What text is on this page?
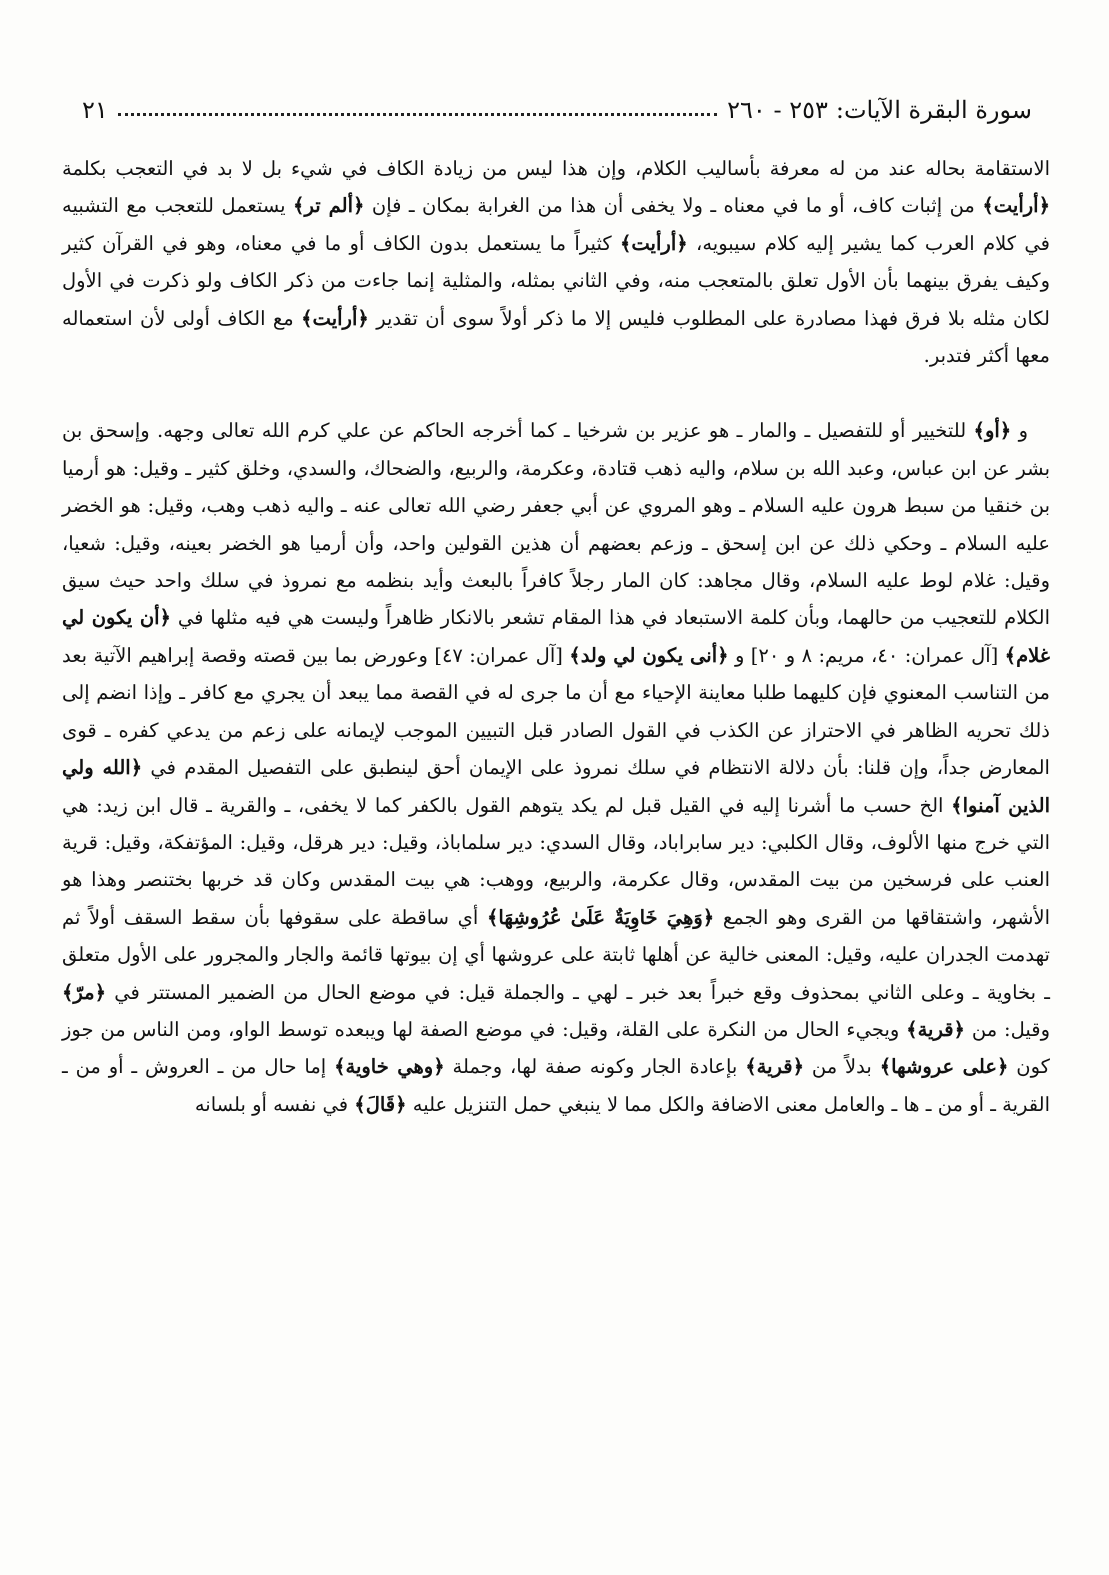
سورة البقرة الآيات:
٢٥٣ - ٢٦٠
٢١

الاستقامة بحاله عند من له معرفة بأساليب الكلام، وإن هذا ليس من زيادة الكاف في شيء بل لا بد في التعجب بكلمة ﴿أرأيت﴾ من إثبات كاف، أو ما في معناه ـ ولا يخفى أن هذا من الغرابة بمكان ـ فإن ﴿ألم تر﴾ يستعمل للتعجب مع التشبيه في كلام العرب كما يشير إليه كلام سيبويه، ﴿أرأيت﴾ كثيراً ما يستعمل بدون الكاف أو ما في معناه، وهو في القرآن كثير وكيف يفرق بينهما بأن الأول تعلق بالمتعجب منه، وفي الثاني بمثله، والمثلية إنما جاءت من ذكر الكاف ولو ذكرت في الأول لكان مثله بلا فرق فهذا مصادرة على المطلوب فليس إلا ما ذكر أولاً سوى أن تقدير ﴿أرأيت﴾ مع الكاف أولى لأن استعماله معها أكثر فتدبر.

و ﴿أو﴾ للتخيير أو للتفصيل ـ والمار ـ هو عزير بن شرخيا ـ كما أخرجه الحاكم عن علي كرم الله تعالى وجهه. وإسحق بن بشر عن ابن عباس، وعبد الله بن سلام، واليه ذهب قتادة، وعكرمة، والربيع، والضحاك، والسدي، وخلق كثير ـ وقيل: هو أرميا بن خنقيا من سبط هرون عليه السلام ـ وهو المروي عن أبي جعفر رضي الله تعالى عنه ـ واليه ذهب وهب، وقيل: هو الخضر عليه السلام ـ وحكي ذلك عن ابن إسحق ـ وزعم بعضهم أن هذين القولين واحد، وأن أرميا هو الخضر بعينه، وقيل: شعيا، وقيل: غلام لوط عليه السلام، وقال مجاهد: كان المار رجلاً كافراً بالبعث وأيد بنظمه مع نمروذ في سلك واحد حيث سيق الكلام للتعجيب من حالهما، وبأن كلمة الاستبعاد في هذا المقام تشعر بالانكار ظاهراً وليست هي فيه مثلها في ﴿أن يكون لي غلام﴾ [آل عمران: ٤٠، مريم: ٨ و ٢٠] و ﴿أنى يكون لي ولد﴾ [آل عمران: ٤٧] وعورض بما بين قصته وقصة إبراهيم الآتية بعد من التناسب المعنوي فإن كليهما طلبا معاينة الإحياء مع أن ما جرى له في القصة مما يبعد أن يجري مع كافر ـ وإذا انضم إلى ذلك تحريه الظاهر في الاحتراز عن الكذب في القول الصادر قبل التبيين الموجب لإيمانه على زعم من يدعي كفره ـ قوى المعارض جداً، وإن قلنا: بأن دلالة الانتظام في سلك نمروذ على الإيمان أحق لينطبق على التفصيل المقدم في ﴿الله ولي الذين آمنوا﴾ الخ حسب ما أشرنا إليه في القيل قبل لم يكد يتوهم القول بالكفر كما لا يخفى، ـ والقرية ـ قال ابن زيد: هي التي خرج منها الألوف، وقال الكلبي: دير سابراباد، وقال السدي: دير سلماباذ، وقيل: دير هرقل، وقيل: المؤتفكة، وقيل: قرية العنب على فرسخين من بيت المقدس، وقال عكرمة، والربيع، ووهب: هي بيت المقدس وكان قد خربها بختنصر وهذا هو الأشهر، واشتقاقها من القرى وهو الجمع ﴿وَهِيَ خَاوِيَةٌ عَلَىٰ عُرُوشِهَا﴾ أي ساقطة على سقوفها بأن سقط السقف أولاً ثم تهدمت الجدران عليه، وقيل: المعنى خالية عن أهلها ثابتة على عروشها أي إن بيوتها قائمة والجار والمجرور على الأول متعلق ـ بخاوية ـ وعلى الثاني بمحذوف وقع خبراً بعد خبر ـ لهي ـ والجملة قيل: في موضع الحال من الضمير المستتر في ﴿مرّ﴾ وقيل: من ﴿قرية﴾ ويجيء الحال من النكرة على القلة، وقيل: في موضع الصفة لها ويبعده توسط الواو، ومن الناس من جوز كون ﴿على عروشها﴾ بدلاً من ﴿قرية﴾ بإعادة الجار وكونه صفة لها، وجملة ﴿وهي خاوية﴾ إما حال من ـ العروش ـ أو من ـ القرية ـ أو من ـ ها ـ والعامل معنى الاضافة والكل مما لا ينبغي حمل التنزيل عليه ﴿قَالَ﴾ في نفسه أو بلسانه
